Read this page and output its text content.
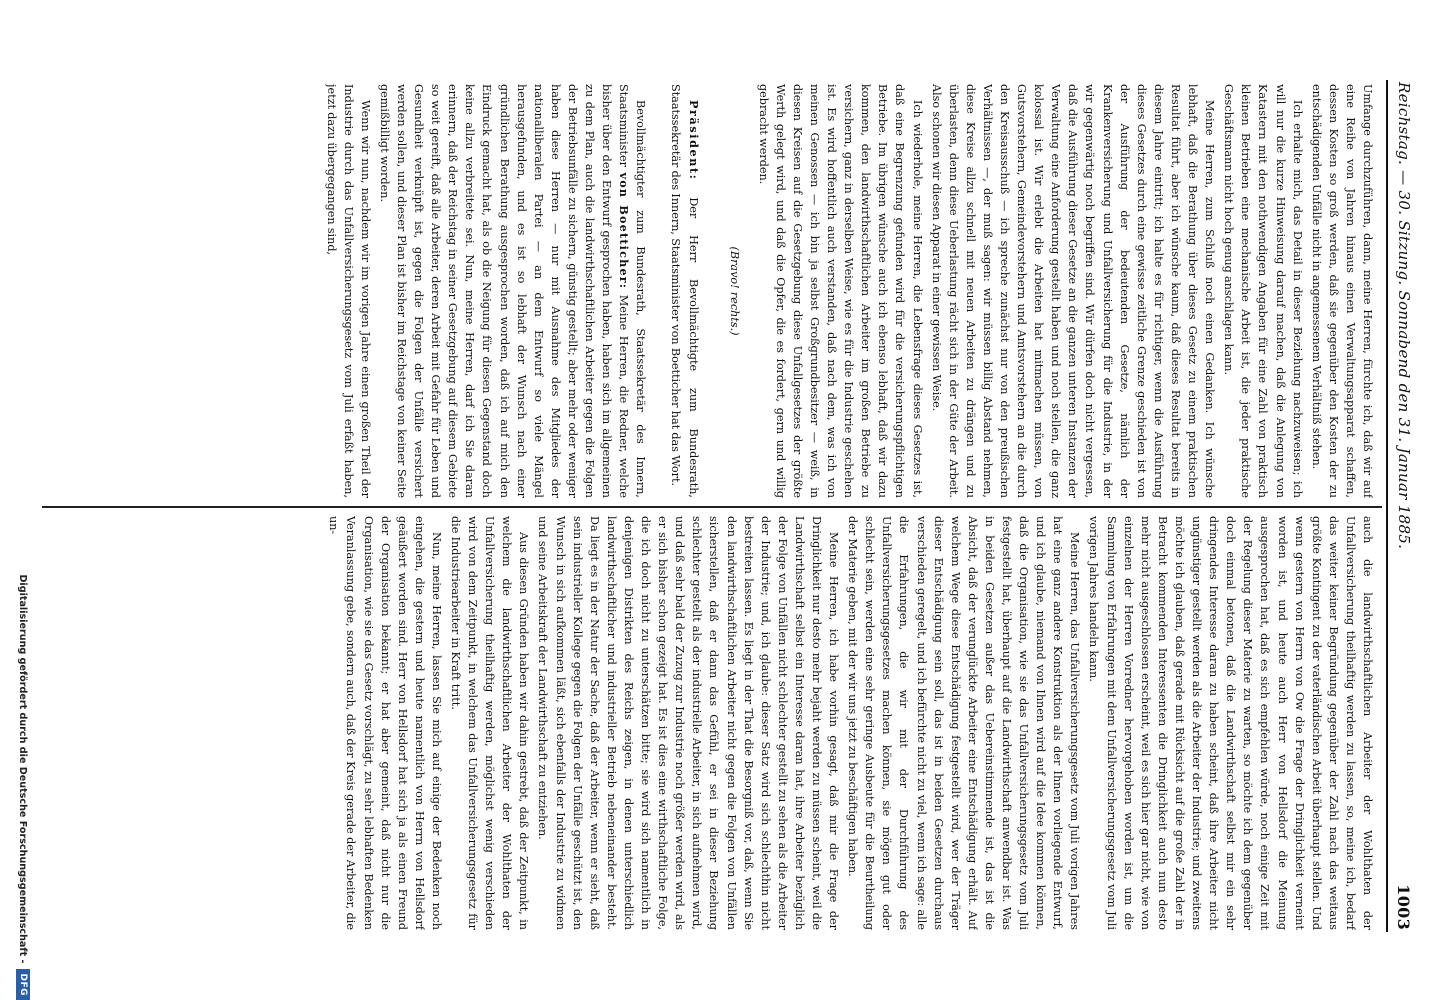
Reichstag. — 30. Sitzung. Sonnabend den 31. Januar 1885.
1003

Umfange durchzuführen, dann, meine Herren, fürchte ich, daß wir auf eine Reihe von Jahren hinaus einen Verwaltungsapparat schaffen, dessen Kosten so groß werden, daß sie gegenüber den Kosten der zu entschädigenden Unfälle nicht in angemessenem Verhältniß stehen.

Ich erhalte mich, das Detail in dieser Beziehung nachzuweisen; ich will nur die kurze Hinweisung darauf machen, daß die Anlegung von Katastern mit den nothwendigen Angaben für eine Zahl von praktisch kleinen Betrieben eine mechanische Arbeit ist, die jeder praktische Geschäftsmann nicht hoch genug anschlagen kann.

Meine Herren, zum Schluß noch einen Gedanken. Ich wünsche lebhaft, daß die Berathung über dieses Gesetz zu einem praktischen Resultat führt, aber ich wünsche kaum, daß dieses Resultat bereits in diesem Jahre eintritt; ich halte es für richtiger, wenn die Ausführung dieses Gesetzes durch eine gewisse zeitliche Grenze geschieden ist von der Ausführung der bedeutenden Gesetze, nämlich der Krankenversicherung und Unfallversicherung für die Industrie, in der wir gegenwärtig noch begriffen sind. Wir dürfen doch nicht vergessen, daß die Ausführung dieser Gesetze an die ganzen unteren Instanzen der Verwaltung eine Anforderung gestellt haben und noch stellen, die ganz kolossal ist. Wir erlebt die Arbeiten hat mitmachen müssen, von Gutsvorstehern, Gemeindevorstehern und Amtsvorstehern an die durch den Kreisausschuß — ich spreche zunächst nur von den preußischen Verhältnissen —, der muß sagen: wir müssen billig Abstand nehmen, diese Kreise allzu schnell mit neuen Arbeiten zu drängen und zu überlasten, denn diese Ueberlastung rächt sich in der Güte der Arbeit. Also schonen wir diesen Apparat in einer gewissen Weise.

Ich wiederhole, meine Herren, die Lebensfrage dieses Gesetzes ist, daß eine Begrenzung gefunden wird für die versicherungspflichtigen Betriebe. Im übrigen wünsche auch ich ebenso lebhaft, daß wir dazu kommen, den landwirthschaftlichen Arbeiter im großen Betriebe zu versichern, ganz in derselben Weise, wie es für die Industrie geschehen ist. Es wird hoffentlich auch verstanden, daß nach dem, was ich von meinen Genossen — ich bin ja selbst Großgrundbesitzer — weiß, in diesen Kreisen auf die Gesetzgebung diese Unfallgesetzes der größte Werth gelegt wird, und daß die Opfer, die es fordert, gern und willig gebracht werden.

(Bravo! rechts.)

Präsident: Der Herr Bevollmächtigte zum Bundesrath, Staatssekretär des Innern, Staatsminister von Boetticher hat das Wort.

Bevollmächtigter zum Bundesrath, Staatssekretär des Innern, Staatsminister von Boetticher: Meine Herren, die Redner, welche bisher über den Entwurf gesprochen haben, haben sich im allgemeinen zu dem Plan, auch die landwirthschaftlichen Arbeiter gegen die Folgen der Betriebsunfälle zu sichern, günstig gestellt; aber mehr oder weniger haben diese Herren — nur mit Ausnahme des Mitgliedes der nationalliberalen Partei — an dem Entwurf so viele Mängel herausgefunden, und es ist so lebhaft der Wunsch nach einer gründlichen Berathung ausgesprochen worden, daß ich auf mich den Eindruck gemacht hat, als ob die Neigung für diesen Gegenstand doch keine allzu verbreitete sei. Nun, meine Herren, darf ich Sie daran erinnern, daß der Reichstag in seiner Gesetzgebung auf diesem Gebiete so weit gereift, daß alle Arbeiter, deren Arbeit mit Gefahr für Leben und Gesundheit verknüpft ist, gegen die Folgen der Unfälle versichert werden sollen, und dieser Plan ist bisher im Reichstage von keiner Seite gemißbilligt worden.

Wenn wir nun, nachdem wir im vorigen Jahre einen großen Theil der Industrie durch das Unfallversicherungsgesetz vom Juli erfaßt haben, jetzt dazu übergegangen sind,

auch die landwirthschaftlichen Arbeiter der Wohlthaten der Unfallversicherung theilhaftig werden zu lassen, so, meine ich, bedarf das weiter keiner Begründung gegenüber der Zahl nach das weitaus größte Kontingent zu der vaterländischen Arbeit überhaupt stellen. Und wenn gestern von Herrn von Ow die Frage der Dringlichkeit verneint worden ist, und heute auch Herr von Hellsdorf die Meinung ausgesprochen hat, daß es sich empfehlen würde, noch einige Zeit mit der Regelung dieser Materie zu warten, so möchte ich dem gegenüber doch einmal betonen, daß die Landwirthschaft selbst mir ein sehr dringendes Interesse daran zu haben scheint, daß ihre Arbeiter nicht ungünstiger gestellt werden als die Arbeiter der Industrie; und zweitens möchte ich glauben, daß gerade mit Rücksicht auf die große Zahl der in Betracht kommenden Interessenten die Dringlichkeit auch nun desto mehr nicht ausgeschlossen erscheint, weil es sich hier gar nicht, wie von einzelnen der Herren Vorredner hervorgehoben worden ist, um die Sammlung von Erfahrungen mit dem Unfallversicherungsgesetz vom Juli vorigen Jahres handeln kann.

Meine Herren, das Unfallversicherungsgesetz vom Juli vorigen Jahres hat eine ganz andere Konstruktion als der Ihnen vorliegende Entwurf, und ich glaube, niemand von Ihnen wird auf die Idee kommen können, daß die Organisation, wie sie das Unfallversicherungsgesetz vom Juli festgestellt hat, überhaupt auf die Landwirthschaft anwendbar ist. Was in beiden Gesetzen außer das Uebereinstimmende ist, das ist die Absicht, daß der verunglückte Arbeiter eine Entschädigung erhält. Auf welchem Wege diese Entschädigung festgestellt wird, wer der Träger dieser Entschädigung sein soll, das ist in beiden Gesetzen durchaus verschieden geregelt, und ich befürchte nicht zu viel, wenn ich sage: alle die Erfahrungen, die wir mit der Durchführung des Unfallversicherungsgesetzes machen können, sie mögen gut oder schlecht sein, werden eine sehr geringe Ausbeute für die Beurtheilung der Materie geben, mit der wir uns jetzt zu beschäftigen haben.

Meine Herren, ich habe vorhin gesagt, daß mir die Frage der Dringlichkeit nur desto mehr bejaht werden zu müssen scheint, weil die Landwirthschaft selbst ein Interesse daran hat, ihre Arbeiter bezüglich der Folge von Unfällen nicht schlechter gestellt zu sehen als die Arbeiter der Industrie; und, ich glaube: dieser Satz wird sich schlechthin nicht bestreiten lassen. Es liegt in der That die Besorgniß vor, daß, wenn Sie den landwirthschaftlichen Arbeiter nicht gegen die Folgen von Unfällen sicherstellen, daß er dann das Gefühl, er sei in dieser Beziehung schlechter gestellt als der industrielle Arbeiter, in sich aufnehmen wird, und daß sehr bald der Zuzug zur Industrie noch größer werden wird, als er sich bisher schon gezeigt hat. Es ist dies eine wirthschaftliche Folge, die ich doch nicht zu unterschätzen bitte; sie wird sich namentlich in denjenigen Distrikten des Reichs zeigen, in denen unterschiedlich landwirthschaftlicher und industrieller Betrieb nebeneinander besteht. Da liegt es in der Natur der Sache, daß der Arbeiter, wenn er sieht, daß sein industrieller Kollege gegen die Folgen der Unfälle geschützt ist, den Wunsch in sich aufkommen läßt, sich ebenfalls der Industrie zu widmen und seine Arbeitskraft der Landwirthschaft zu entziehen.

Aus diesen Gründen haben wir dahin gestrebt, daß der Zeitpunkt, in welchem die landwirthschaftlichen Arbeiter der Wohlthaten der Unfallversicherung theilhaftig werden, möglichst wenig verschieden wird von dem Zeitpunkt, in welchem das Unfallversicherungsgesetz für die Industriearbeiter in Kraft tritt.

Nun, meine Herren, lassen Sie mich auf einige der Bedenken noch eingehen, die gestern und heute namentlich von Herrn von Hellsdorf geäußert worden sind. Herr von Hellsdorf hat sich ja als einen Freund der Organisation bekannt; er hat aber gemeint, daß nicht nur die Organisation, wie sie das Gesetz vorschlägt, zu sehr lebhaften Bedenken Veranlassung gebe, sondern auch, daß der Kreis gerade der Arbeiter, die un-

Digitalisierung gefördert durch die Deutsche Forschungsgemeinschaft -
DFG
